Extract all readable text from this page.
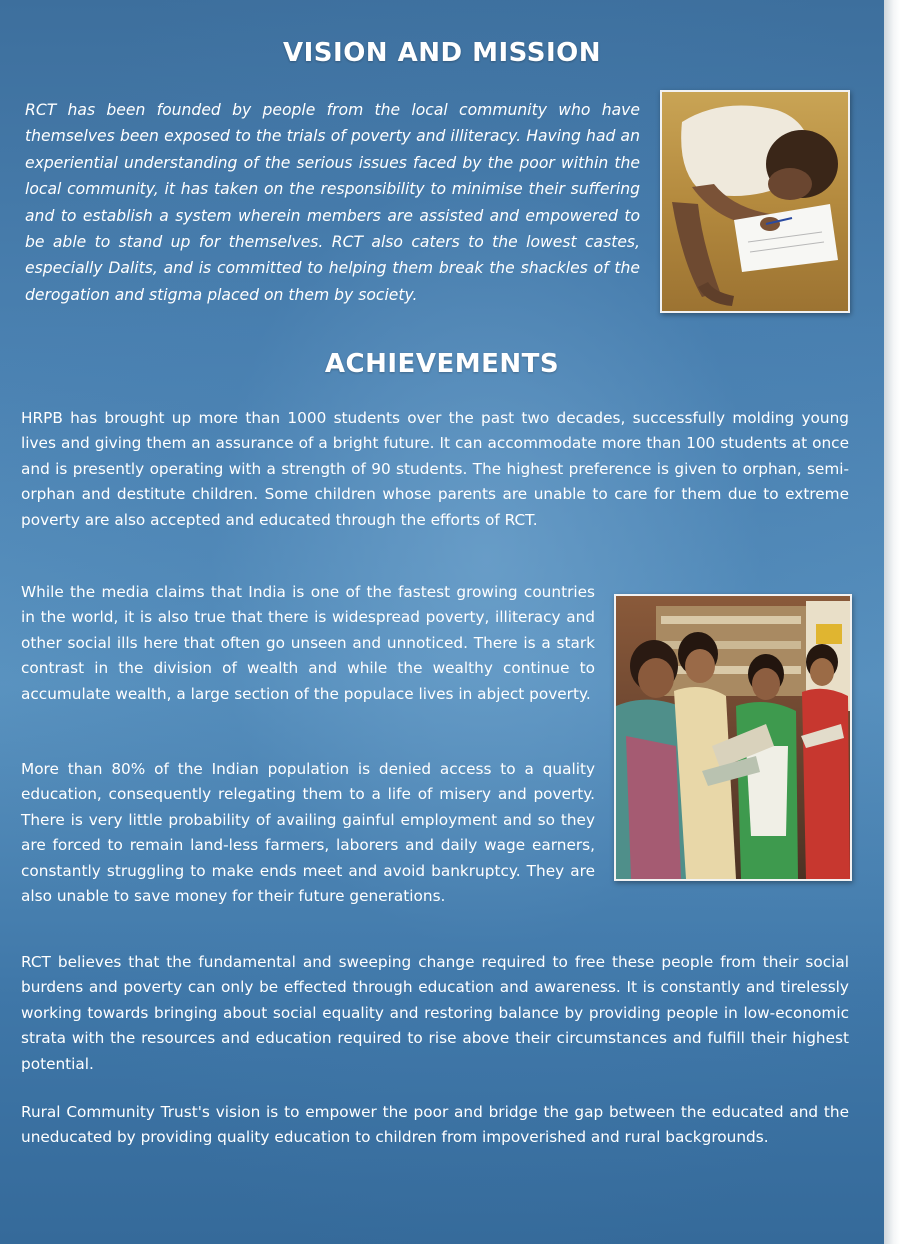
VISION AND MISSION

RCT has been founded by people from the local community who have themselves been exposed to the trials of poverty and illiteracy. Having had an experiential understanding of the serious issues faced by the poor within the local community, it has taken on the responsibility to minimise their suffering and to establish a system wherein members are assisted and empowered to be able to stand up for themselves. RCT also caters to the lowest castes, especially Dalits, and is committed to helping them break the shackles of the derogation and stigma placed on them by society.

ACHIEVEMENTS

HRPB has brought up more than 1000 students over the past two decades, successfully molding young lives and giving them an assurance of a bright future. It can accommodate more than 100 students at once and is presently operating with a strength of 90 students. The highest preference is given to orphan, semi-orphan and destitute children. Some children whose parents are unable to care for them due to extreme poverty are also accepted and educated through the efforts of RCT.

While the media claims that India is one of the fastest growing countries in the world, it is also true that there is widespread poverty, illiteracy and other social ills here that often go unseen and unnoticed. There is a stark contrast in the division of wealth and while the wealthy continue to accumulate wealth, a large section of the populace lives in abject poverty.

More than 80% of the Indian population is denied access to a quality education, consequently relegating them to a life of misery and poverty. There is very little probability of availing gainful employment and so they are forced to remain land-less farmers, laborers and daily wage earners, constantly struggling to make ends meet and avoid bankruptcy. They are also unable to save money for their future generations.

RCT believes that the fundamental and sweeping change required to free these people from their social burdens and poverty can only be effected through education and awareness. It is constantly and tirelessly working towards bringing about social equality and restoring balance by providing people in low-economic strata with the resources and education required to rise above their circumstances and fulfill their highest potential.

Rural Community Trust's vision is to empower the poor and bridge the gap between the educated and the uneducated by providing quality education to children from impoverished and rural backgrounds.
